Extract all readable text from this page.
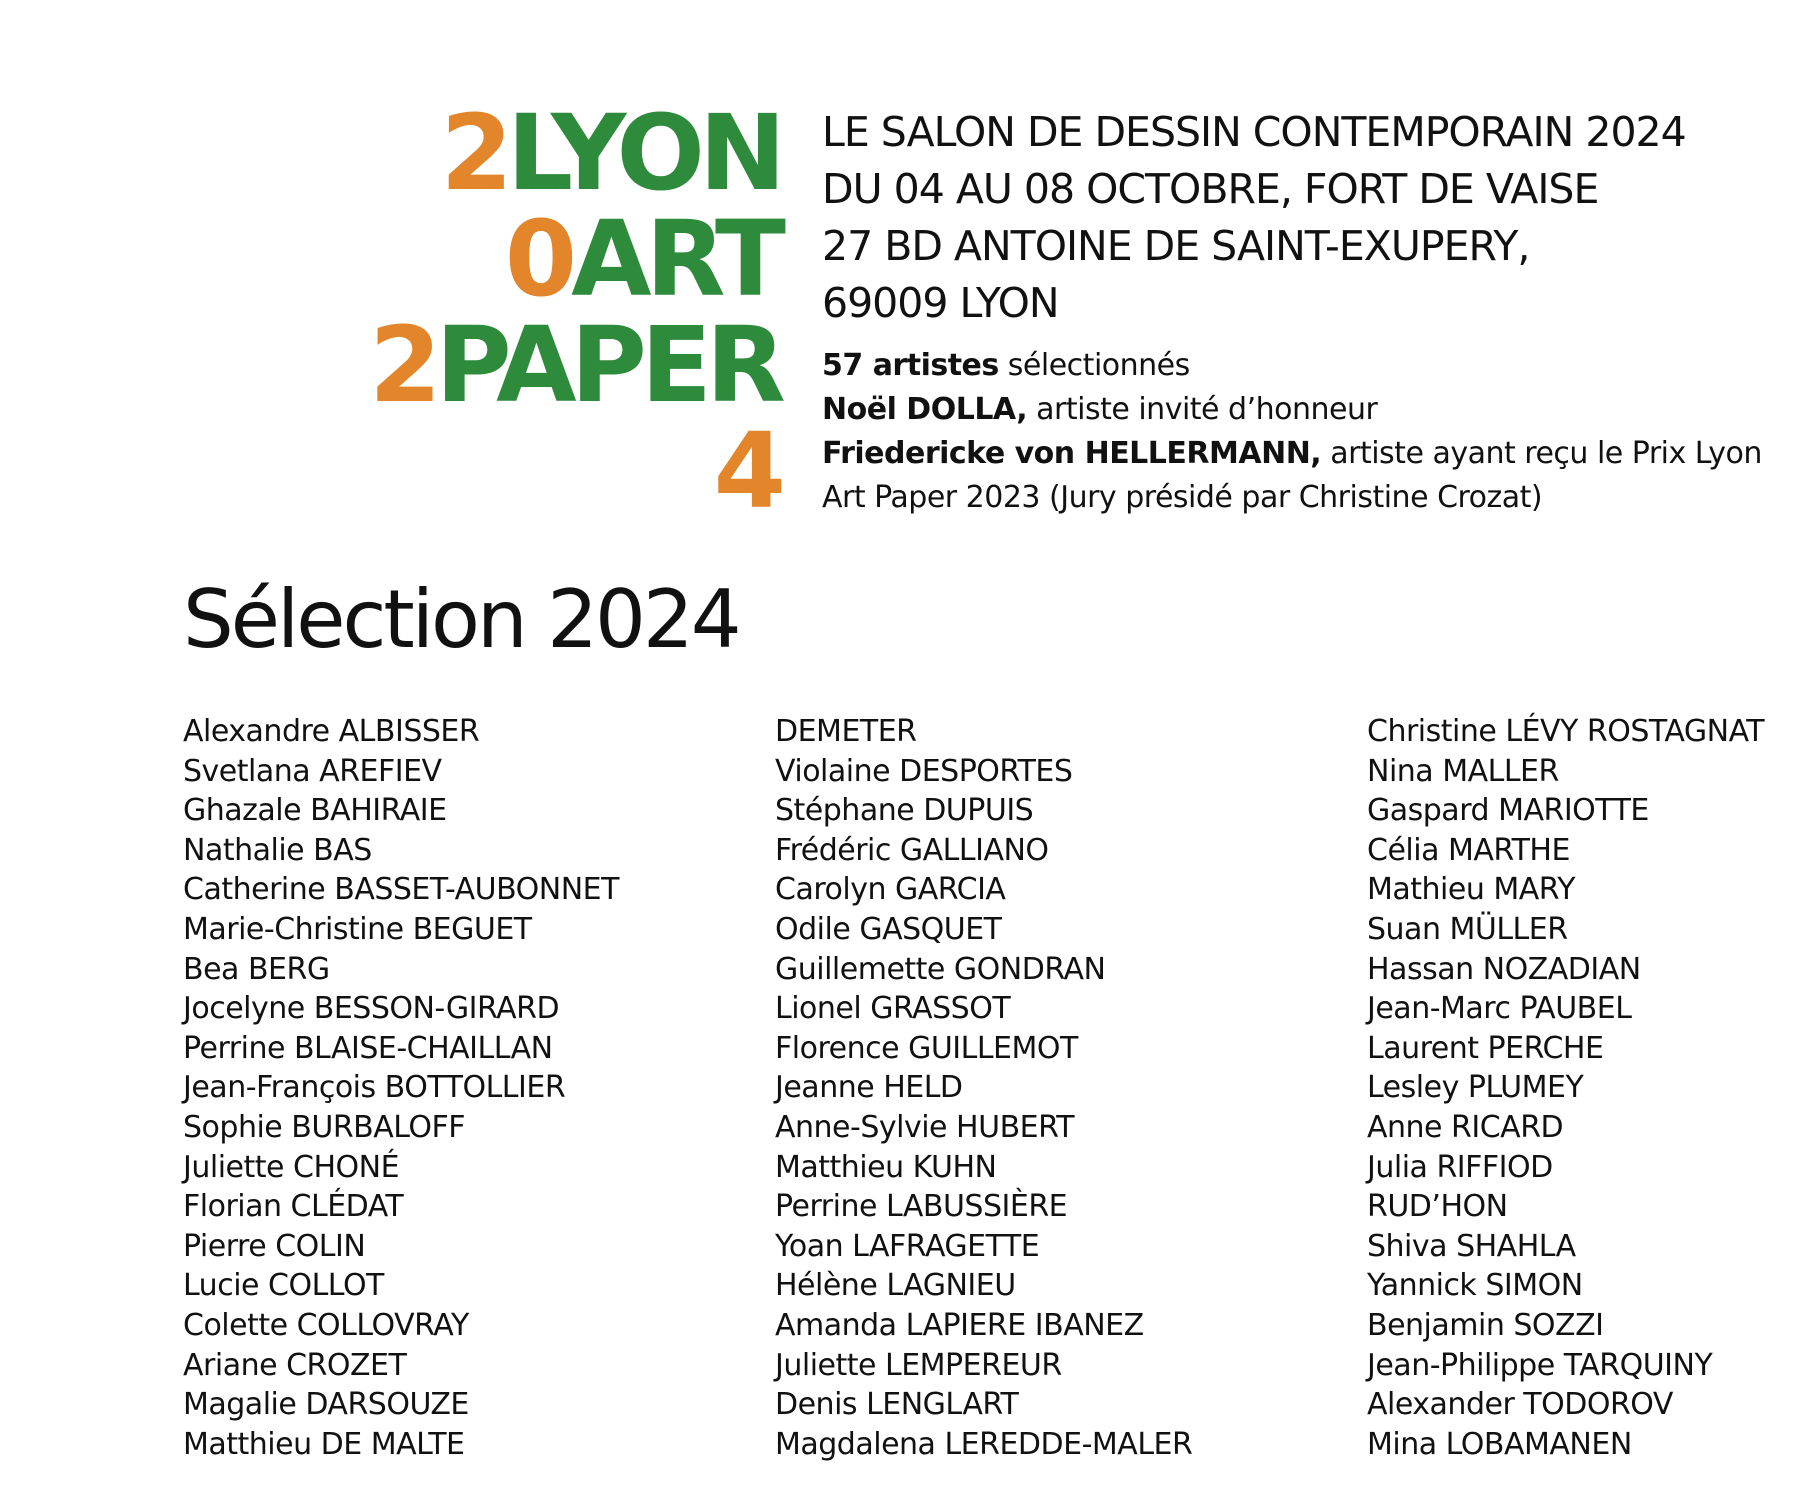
2LYON
0ART
2PAPER
4
LE SALON DE DESSIN CONTEMPORAIN 2024
DU 04 AU 08 OCTOBRE, FORT DE VAISE
27 BD ANTOINE DE SAINT-EXUPERY,
69009 LYON
57 artistes sélectionnés
Noël DOLLA, artiste invité d’honneur
Friedericke von HELLERMANN, artiste ayant reçu le Prix Lyon Art Paper 2023 (Jury présidé par Christine Crozat)
Sélection 2024
Alexandre ALBISSER
Svetlana AREFIEV
Ghazale BAHIRAIE
Nathalie BAS
Catherine BASSET-AUBONNET
Marie-Christine BEGUET
Bea BERG
Jocelyne BESSON-GIRARD
Perrine BLAISE-CHAILLAN
Jean-François BOTTOLLIER
Sophie BURBALOFF
Juliette CHONÉ
Florian CLÉDAT
Pierre COLIN
Lucie COLLOT
Colette COLLOVRAY
Ariane CROZET
Magalie DARSOUZE
Matthieu DE MALTE
DEMETER
Violaine DESPORTES
Stéphane DUPUIS
Frédéric GALLIANO
Carolyn GARCIA
Odile GASQUET
Guillemette GONDRAN
Lionel GRASSOT
Florence GUILLEMOT
Jeanne HELD
Anne-Sylvie HUBERT
Matthieu KUHN
Perrine LABUSSIÈRE
Yoan LAFRAGETTE
Hélène LAGNIEU
Amanda LAPIERE IBANEZ
Juliette LEMPEREUR
Denis LENGLART
Magdalena LEREDDE-MALER
Christine LÉVY ROSTAGNAT
Nina MALLER
Gaspard MARIOTTE
Célia MARTHE
Mathieu MARY
Suan MÜLLER
Hassan NOZADIAN
Jean-Marc PAUBEL
Laurent PERCHE
Lesley PLUMEY
Anne RICARD
Julia RIFFIOD
RUD’HON
Shiva SHAHLA
Yannick SIMON
Benjamin SOZZI
Jean-Philippe TARQUINY
Alexander TODOROV
Mina LOBAMANEN
